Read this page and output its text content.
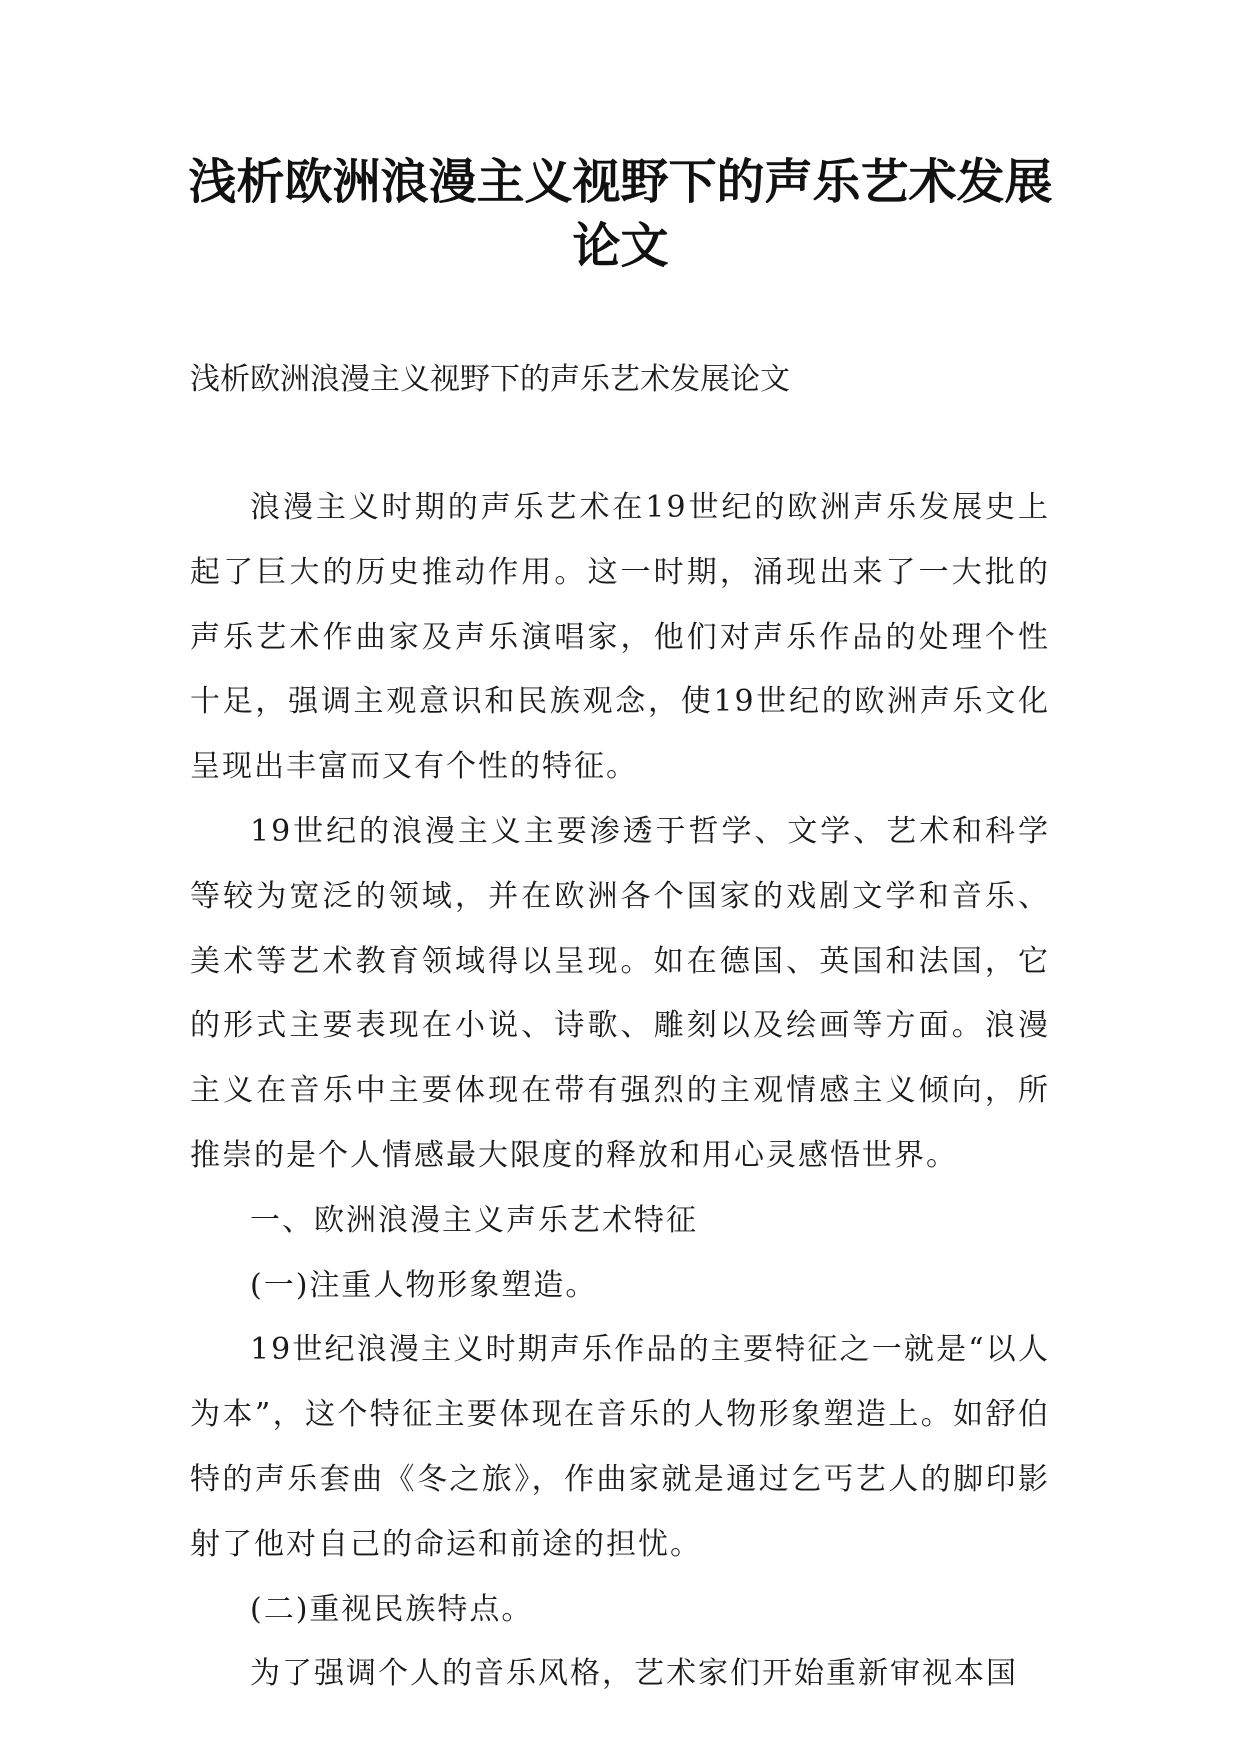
浅析欧洲浪漫主义视野下的声乐艺术发展
论文

浅析欧洲浪漫主义视野下的声乐艺术发展论文

浪漫主义时期的声乐艺术在19世纪的欧洲声乐发展史上起了巨大的历史推动作用。这一时期，涌现出来了一大批的声乐艺术作曲家及声乐演唱家，他们对声乐作品的处理个性十足，强调主观意识和民族观念，使19世纪的欧洲声乐文化呈现出丰富而又有个性的特征。

19世纪的浪漫主义主要渗透于哲学、文学、艺术和科学等较为宽泛的领域，并在欧洲各个国家的戏剧文学和音乐、美术等艺术教育领域得以呈现。如在德国、英国和法国，它的形式主要表现在小说、诗歌、雕刻以及绘画等方面。浪漫主义在音乐中主要体现在带有强烈的主观情感主义倾向，所推崇的是个人情感最大限度的释放和用心灵感悟世界。

一、欧洲浪漫主义声乐艺术特征

(一)注重人物形象塑造。

19世纪浪漫主义时期声乐作品的主要特征之一就是“以人为本”，这个特征主要体现在音乐的人物形象塑造上。如舒伯特的声乐套曲《冬之旅》，作曲家就是通过乞丐艺人的脚印影射了他对自己的命运和前途的担忧。

(二)重视民族特点。

为了强调个人的音乐风格，艺术家们开始重新审视本国
